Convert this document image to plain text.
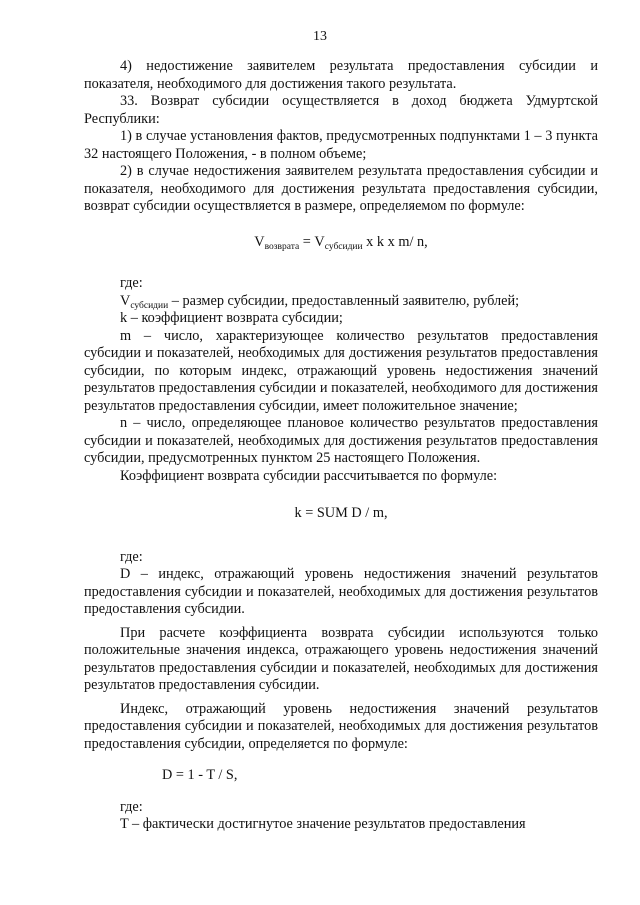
13

4) недостижение заявителем результата предоставления субсидии и показателя, необходимого для достижения такого результата.

33. Возврат субсидии осуществляется в доход бюджета Удмуртской Республики:

1) в случае установления фактов, предусмотренных подпунктами 1 – 3 пункта 32 настоящего Положения, - в полном объеме;

2) в случае недостижения заявителем результата предоставления субсидии и показателя, необходимого для достижения результата предоставления субсидии, возврат субсидии осуществляется в размере, определяемом по формуле:

$V_{возврата} = V_{субсидии}$ x k x m/ n,

где:

$V_{субсидии}$ – размер субсидии, предоставленный заявителю, рублей;

k – коэффициент возврата субсидии;

m – число, характеризующее количество результатов предоставления субсидии и показателей, необходимых для достижения результатов предоставления субсидии, по которым индекс, отражающий уровень недостижения значений результатов предоставления субсидии и показателей, необходимого для достижения результатов предоставления субсидии, имеет положительное значение;

n – число, определяющее плановое количество результатов предоставления субсидии и показателей, необходимых для достижения результатов предоставления субсидии, предусмотренных пунктом 25 настоящего Положения.

Коэффициент возврата субсидии рассчитывается по формуле:

k = SUM D / m,

где:

D – индекс, отражающий уровень недостижения значений результатов предоставления субсидии и показателей, необходимых для достижения результатов предоставления субсидии.

При расчете коэффициента возврата субсидии используются только положительные значения индекса, отражающего уровень недостижения значений результатов предоставления субсидии и показателей, необходимых для достижения результатов предоставления субсидии.

Индекс, отражающий уровень недостижения значений результатов предоставления субсидии и показателей, необходимых для достижения результатов предоставления субсидии, определяется по формуле:

D = 1 - T / S,

где:

T – фактически достигнутое значение результатов предоставления
